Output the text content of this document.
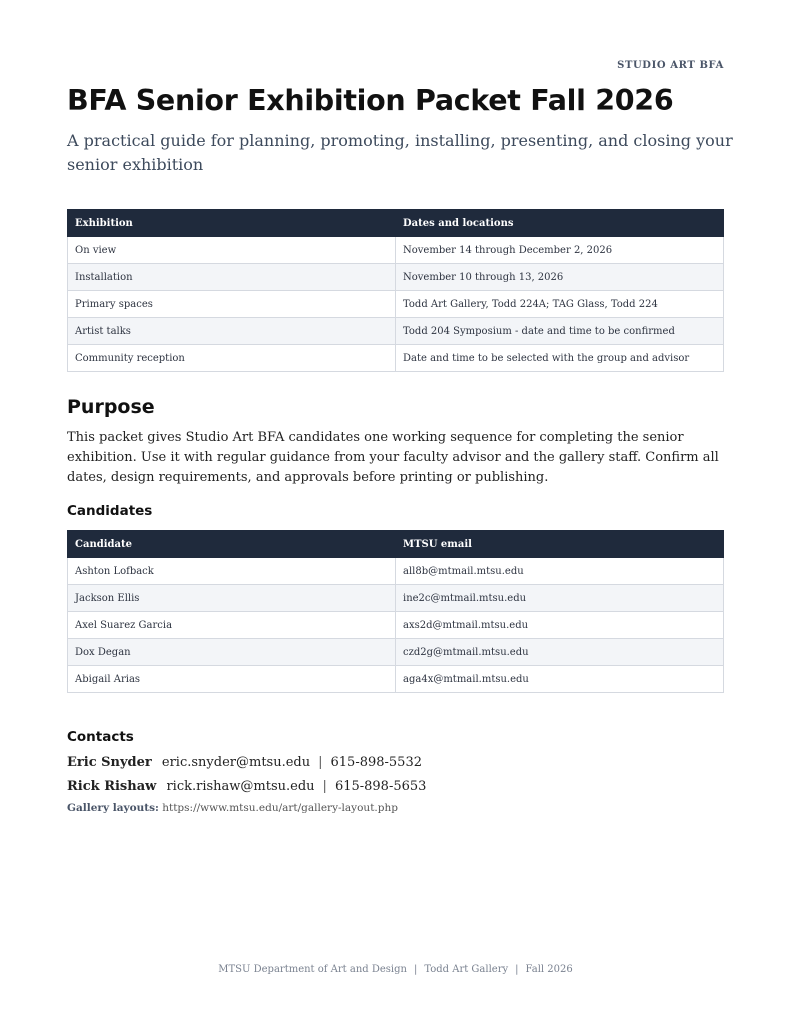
STUDIO ART BFA
BFA Senior Exhibition Packet Fall 2026

A practical guide for planning, promoting, installing, presenting, and closing your senior exhibition

Exhibition	Dates and locations
On view	November 14 through December 2, 2026
Installation	November 10 through 13, 2026
Primary spaces	Todd Art Gallery, Todd 224A; TAG Glass, Todd 224
Artist talks	Todd 204 Symposium - date and time to be confirmed
Community reception	Date and time to be selected with the group and advisor
Purpose

This packet gives Studio Art BFA candidates one working sequence for completing the senior exhibition. Use it with regular guidance from your faculty advisor and the gallery staff. Confirm all dates, design requirements, and approvals before printing or publishing.

Candidates
Candidate	MTSU email
Ashton Lofback	all8b@mtmail.mtsu.edu
Jackson Ellis	ine2c@mtmail.mtsu.edu
Axel Suarez Garcia	axs2d@mtmail.mtsu.edu
Dox Degan	czd2g@mtmail.mtsu.edu
Abigail Arias	aga4x@mtmail.mtsu.edu
Contacts
Eric Snyder eric.snyder@mtsu.edu | 615-898-5532
Rick Rishaw rick.rishaw@mtsu.edu | 615-898-5653
Gallery layouts: https://www.mtsu.edu/art/gallery-layout.php
MTSU Department of Art and Design | Todd Art Gallery | Fall 2026
